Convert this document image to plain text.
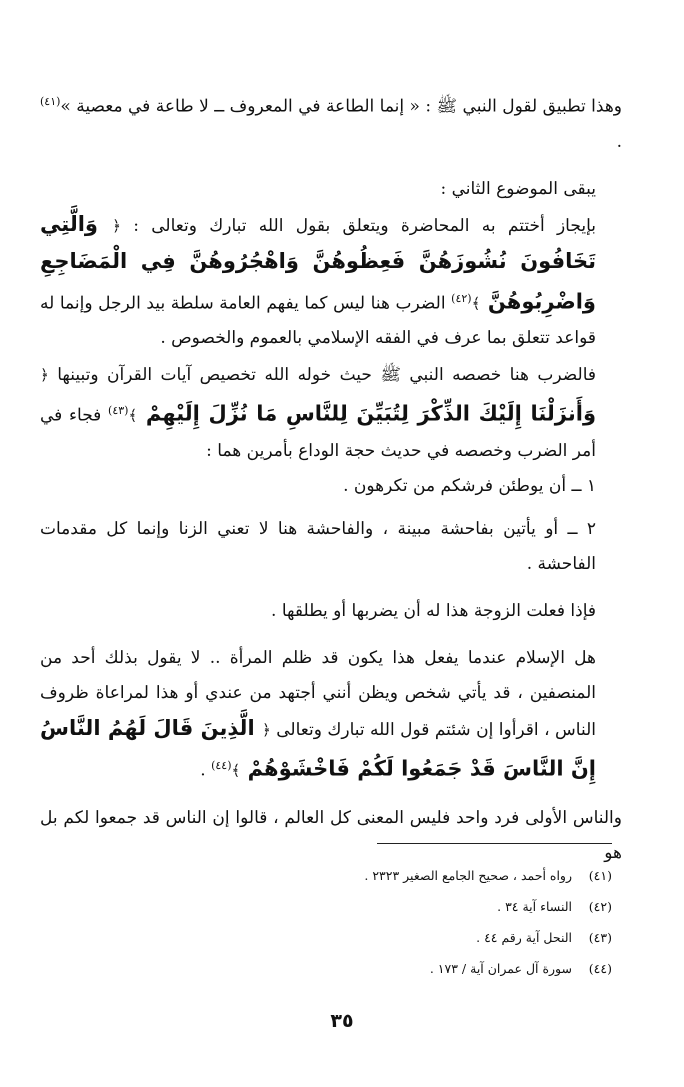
وهذا تطبيق لقول النبي ﷺ : « إنما الطاعة في المعروف ــ لا طاعة في معصية »$^{(٤١)}$ .

يبقى الموضوع الثاني :

بإيجاز أختتم به المحاضرة ويتعلق بقول الله تبارك وتعالى : ﴿ وَالَّتِي تَخَافُونَ نُشُوزَهُنَّ فَعِظُوهُنَّ وَاهْجُرُوهُنَّ فِي الْمَضَاجِعِ وَاضْرِبُوهُنَّ ﴾$^{(٤٢)}$ الضرب هنا ليس كما يفهم العامة سلطة بيد الرجل وإنما له قواعد تتعلق بما عرف في الفقه الإسلامي بالعموم والخصوص .

فالضرب هنا خصصه النبي ﷺ حيث خوله الله تخصيص آيات القرآن وتبينها ﴿ وَأَنزَلْنَا إِلَيْكَ الذِّكْرَ لِتُبَيِّنَ لِلنَّاسِ مَا نُزِّلَ إِلَيْهِمْ ﴾$^{(٤٣)}$ فجاء في أمر الضرب وخصصه في حديث حجة الوداع بأمرين هما :

١ ــ أن يوطئن فرشكم من تكرهون .

٢ ــ أو يأتين بفاحشة مبينة ، والفاحشة هنا لا تعني الزنا وإنما كل مقدمات الفاحشة .

فإذا فعلت الزوجة هذا له أن يضربها أو يطلقها .

هل الإسلام عندما يفعل هذا يكون قد ظلم المرأة .. لا يقول بذلك أحد من المنصفين ، قد يأتي شخص ويظن أنني أجتهد من عندي أو هذا لمراعاة ظروف الناس ، اقرأوا إن شئتم قول الله تبارك وتعالى ﴿ الَّذِينَ قَالَ لَهُمُ النَّاسُ إِنَّ النَّاسَ قَدْ جَمَعُوا لَكُمْ فَاخْشَوْهُمْ ﴾$^{(٤٤)}$ .

والناس الأولى فرد واحد فليس المعنى كل العالم ، قالوا إن الناس قد جمعوا لكم بل هو

(٤١)رواه أحمد ، صحيح الجامع الصغير ٢٣٢٣ .
(٤٢)النساء آية ٣٤ .
(٤٣)النحل آية رقم ٤٤ .
(٤٤)سورة آل عمران آية / ١٧٣ .
٣٥
